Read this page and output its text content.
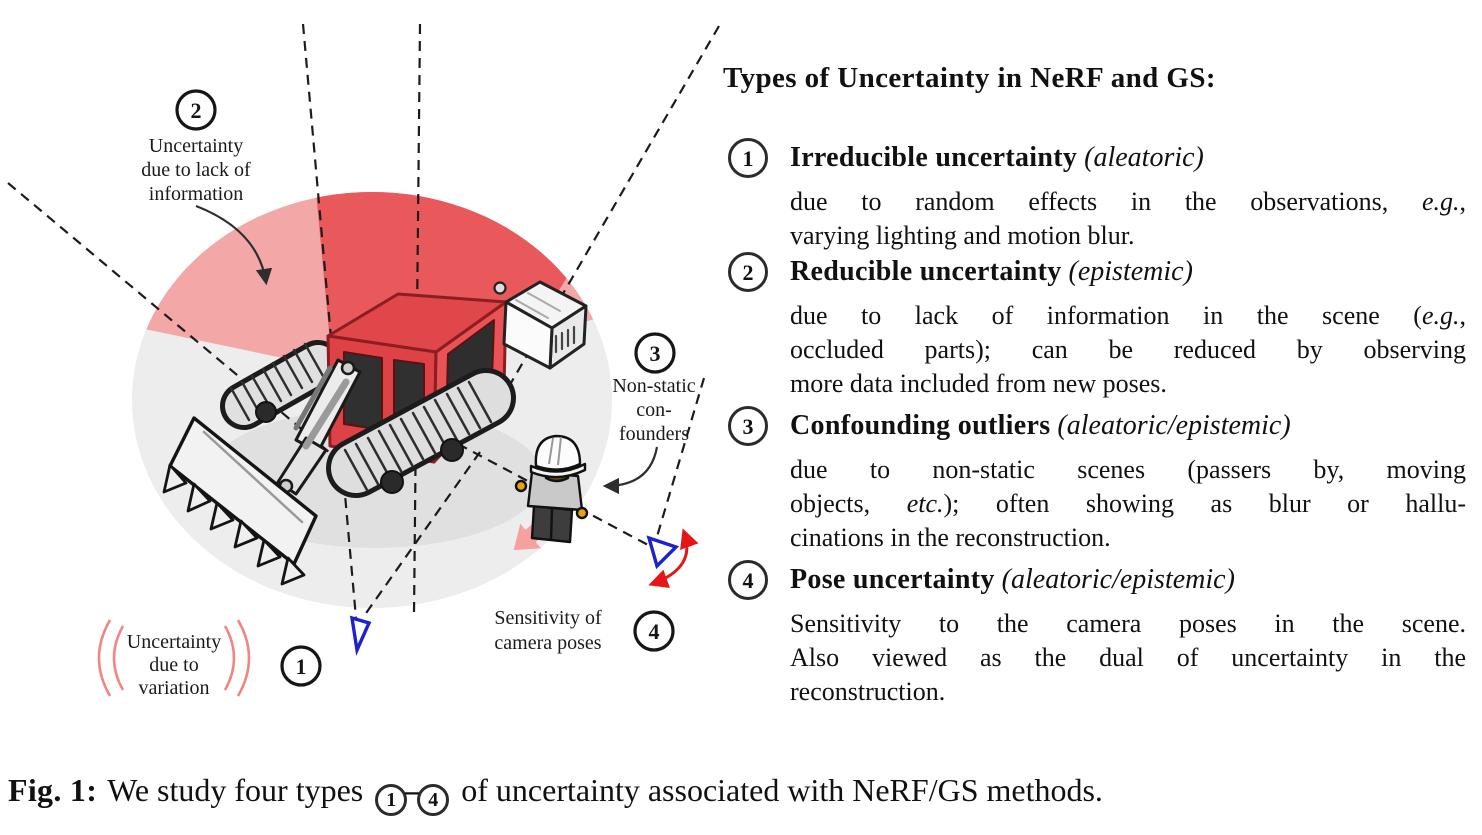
2
1
3
4
Uncertainty
due to lack of
information
Non-static
con-
founders
Sensitivity of
camera poses
Uncertainty
due to
variation
Types of Uncertainty in NeRF and GS:
1	Irreducible uncertainty (aleatoric)
due to random effects in the observations, e.g.,
varying lighting and motion blur.
2	Reducible uncertainty (epistemic)
due to lack of information in the scene (e.g.,
occluded parts); can be reduced by observing
more data included from new poses.
3	Confounding outliers (aleatoric/epistemic)
due to non-static scenes (passers by, moving
objects, etc.); often showing as blur or hallu-
cinations in the reconstruction.
4	Pose uncertainty (aleatoric/epistemic)
Sensitivity to the camera poses in the scene.
Also viewed as the dual of uncertainty in the
reconstruction.
Fig. 1: We study four types 1 – 4 of uncertainty associated with NeRF/GS methods.
